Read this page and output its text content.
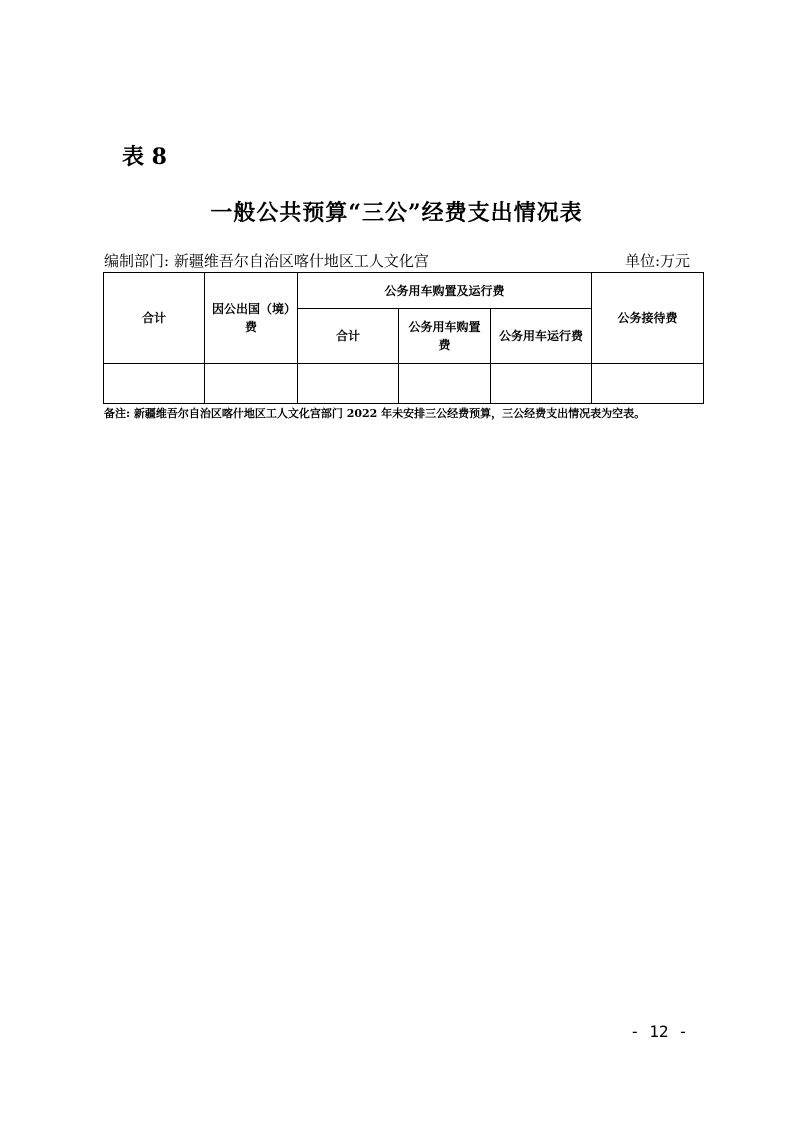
表 8
一般公共预算“三公”经费支出情况表
编制部门: 新疆维吾尔自治区喀什地区工人文化宫	单位:万元
合计	因公出国（境）费	公务用车购置及运行费			公务接待费
		合计	公务用车购置费	公务用车运行费	

备注: 新疆维吾尔自治区喀什地区工人文化宫部门 2022 年未安排三公经费预算，三公经费支出情况表为空表。
- 12 -
